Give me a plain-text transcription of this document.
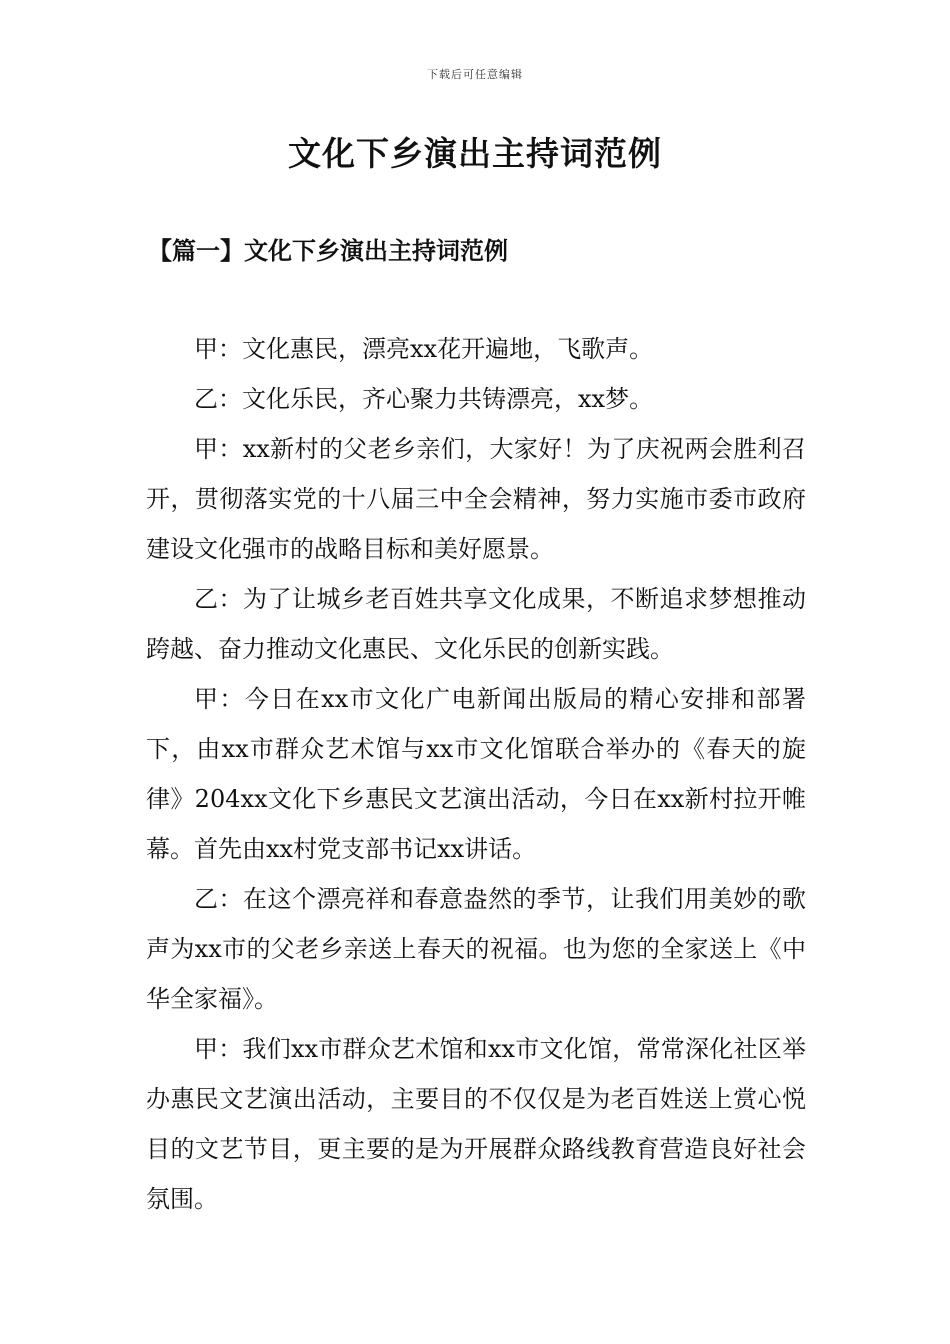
下载后可任意编辑
文化下乡演出主持词范例
【篇一】文化下乡演出主持词范例

甲：文化惠民，漂亮xx花开遍地，飞歌声。

乙：文化乐民，齐心聚力共铸漂亮，xx梦。

甲：xx新村的父老乡亲们，大家好！为了庆祝两会胜利召开，贯彻落实党的十八届三中全会精神，努力实施市委市政府建设文化强市的战略目标和美好愿景。

乙：为了让城乡老百姓共享文化成果，不断追求梦想推动跨越、奋力推动文化惠民、文化乐民的创新实践。

甲：今日在xx市文化广电新闻出版局的精心安排和部署下，由xx市群众艺术馆与xx市文化馆联合举办的《春天的旋律》204xx文化下乡惠民文艺演出活动，今日在xx新村拉开帷幕。首先由xx村党支部书记xx讲话。

乙：在这个漂亮祥和春意盎然的季节，让我们用美妙的歌声为xx市的父老乡亲送上春天的祝福。也为您的全家送上《中华全家福》。

甲：我们xx市群众艺术馆和xx市文化馆，常常深化社区举办惠民文艺演出活动，主要目的不仅仅是为老百姓送上赏心悦目的文艺节目，更主要的是为开展群众路线教育营造良好社会氛围。
